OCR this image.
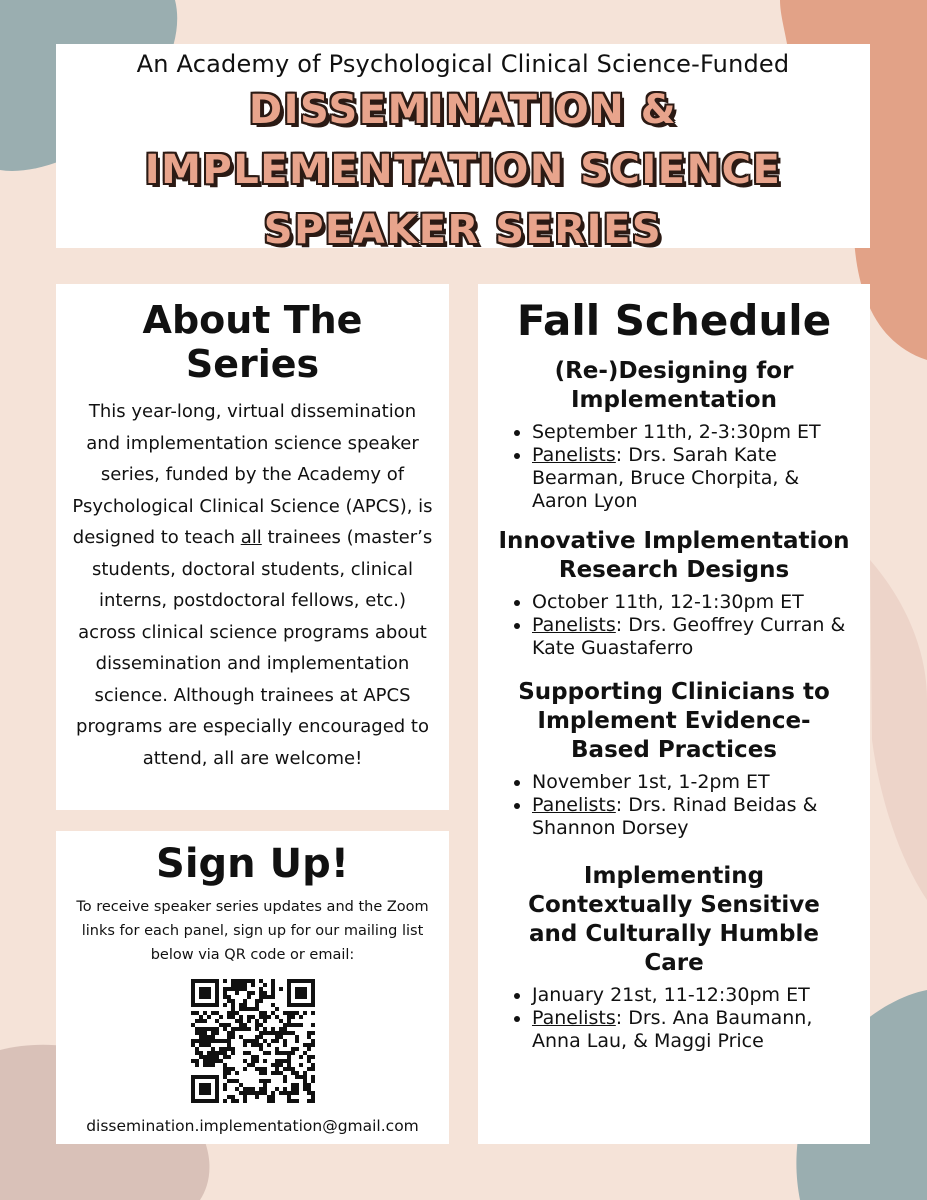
An Academy of Psychological Clinical Science-Funded
DISSEMINATION &
IMPLEMENTATION SCIENCE
SPEAKER SERIES
About The Series
This year-long, virtual dissemination and implementation science speaker series, funded by the Academy of Psychological Clinical Science (APCS), is designed to teach all trainees (master’s students, doctoral students, clinical interns, postdoctoral fellows, etc.) across clinical science programs about dissemination and implementation science. Although trainees at APCS programs are especially encouraged to attend, all are welcome!
Sign Up!
To receive speaker series updates and the Zoom links for each panel, sign up for our mailing list below via QR code or email:
dissemination.implementation@gmail.com
Fall Schedule
(Re-)Designing for Implementation
• September 11th, 2-3:30pm ET
• Panelists: Drs. Sarah Kate Bearman, Bruce Chorpita, & Aaron Lyon
Innovative Implementation Research Designs
• October 11th, 12-1:30pm ET
• Panelists: Drs. Geoffrey Curran & Kate Guastaferro
Supporting Clinicians to Implement Evidence-Based Practices
• November 1st, 1-2pm ET
• Panelists: Drs. Rinad Beidas & Shannon Dorsey
Implementing Contextually Sensitive and Culturally Humble Care
• January 21st, 11-12:30pm ET
• Panelists: Drs. Ana Baumann, Anna Lau, & Maggi Price
